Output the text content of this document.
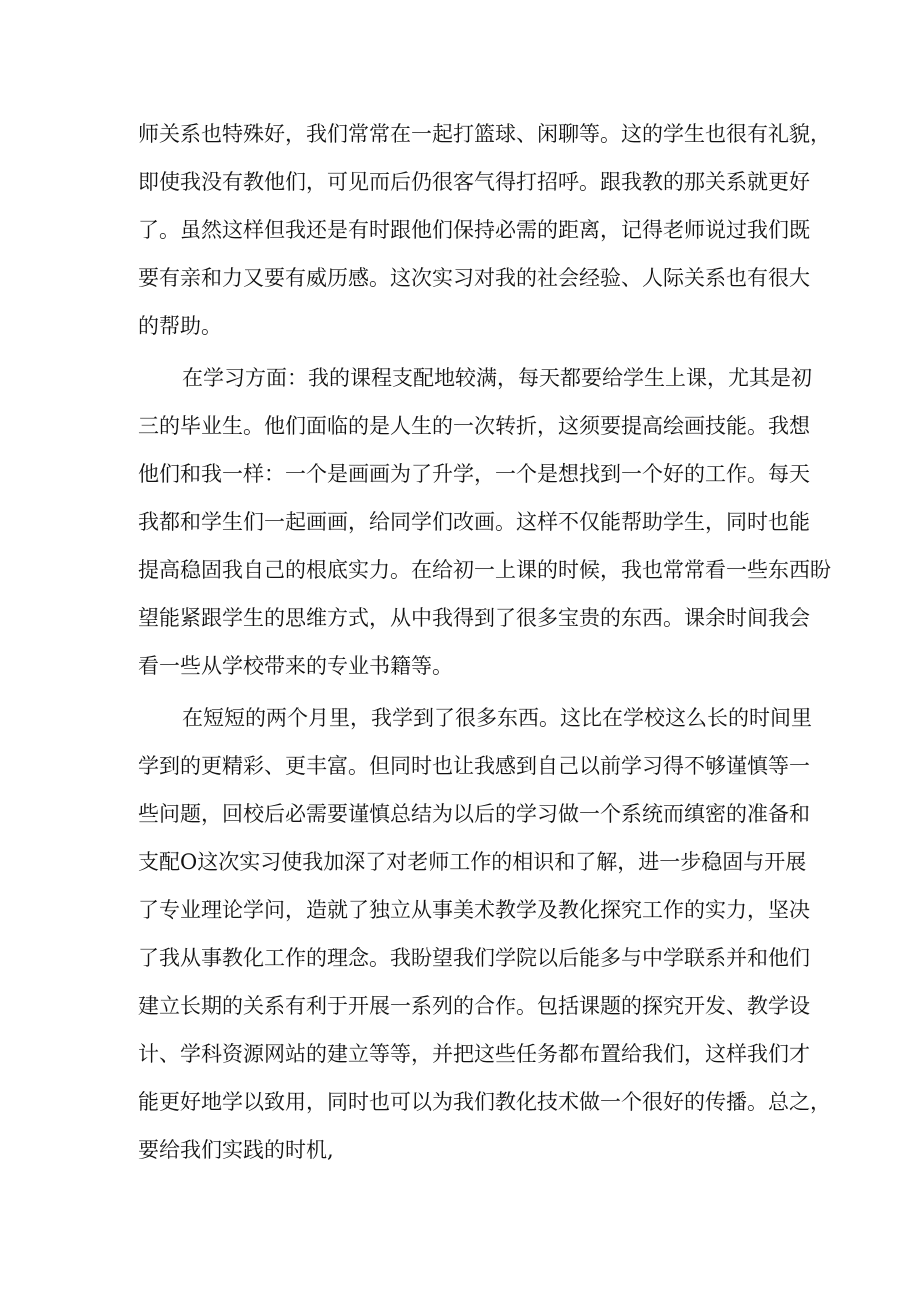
师关系也特殊好，我们常常在一起打篮球、闲聊等。这的学生也很有礼貌，
即使我没有教他们，可见而后仍很客气得打招呼。跟我教的那关系就更好
了。虽然这样但我还是有时跟他们保持必需的距离，记得老师说过我们既
要有亲和力又要有威历感。这次实习对我的社会经验、人际关系也有很大
的帮助。
在学习方面：我的课程支配地较满，每天都要给学生上课，尤其是初
三的毕业生。他们面临的是人生的一次转折，这须要提高绘画技能。我想
他们和我一样：一个是画画为了升学，一个是想找到一个好的工作。每天
我都和学生们一起画画，给同学们改画。这样不仅能帮助学生，同时也能
提高稳固我自己的根底实力。在给初一上课的时候，我也常常看一些东西盼
望能紧跟学生的思维方式，从中我得到了很多宝贵的东西。课余时间我会
看一些从学校带来的专业书籍等。
在短短的两个月里，我学到了很多东西。这比在学校这么长的时间里
学到的更精彩、更丰富。但同时也让我感到自己以前学习得不够谨慎等一
些问题，回校后必需要谨慎总结为以后的学习做一个系统而缜密的准备和
支配O这次实习使我加深了对老师工作的相识和了解，进一步稳固与开展
了专业理论学问，造就了独立从事美术教学及教化探究工作的实力，坚决
了我从事教化工作的理念。我盼望我们学院以后能多与中学联系并和他们
建立长期的关系有利于开展一系列的合作。包括课题的探究开发、教学设
计、学科资源网站的建立等等，并把这些任务都布置给我们，这样我们才
能更好地学以致用，同时也可以为我们教化技术做一个很好的传播。总之，
要给我们实践的时机,
